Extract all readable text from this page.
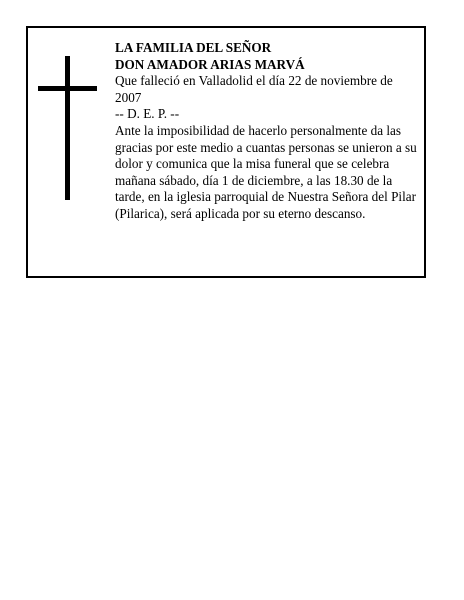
LA FAMILIA DEL SEÑOR

DON AMADOR ARIAS MARVÁ

Que falleció en Valladolid el día 22 de noviembre de 2007

-- D. E. P. --

Ante la imposibilidad de hacerlo personalmente da las gracias por este medio a cuantas personas se unieron a su dolor y comunica que la misa funeral que se celebra mañana sábado, día 1 de diciembre, a las 18.30 de la tarde, en la iglesia parroquial de Nuestra Señora del Pilar (Pilarica), será aplicada por su eterno descanso.
